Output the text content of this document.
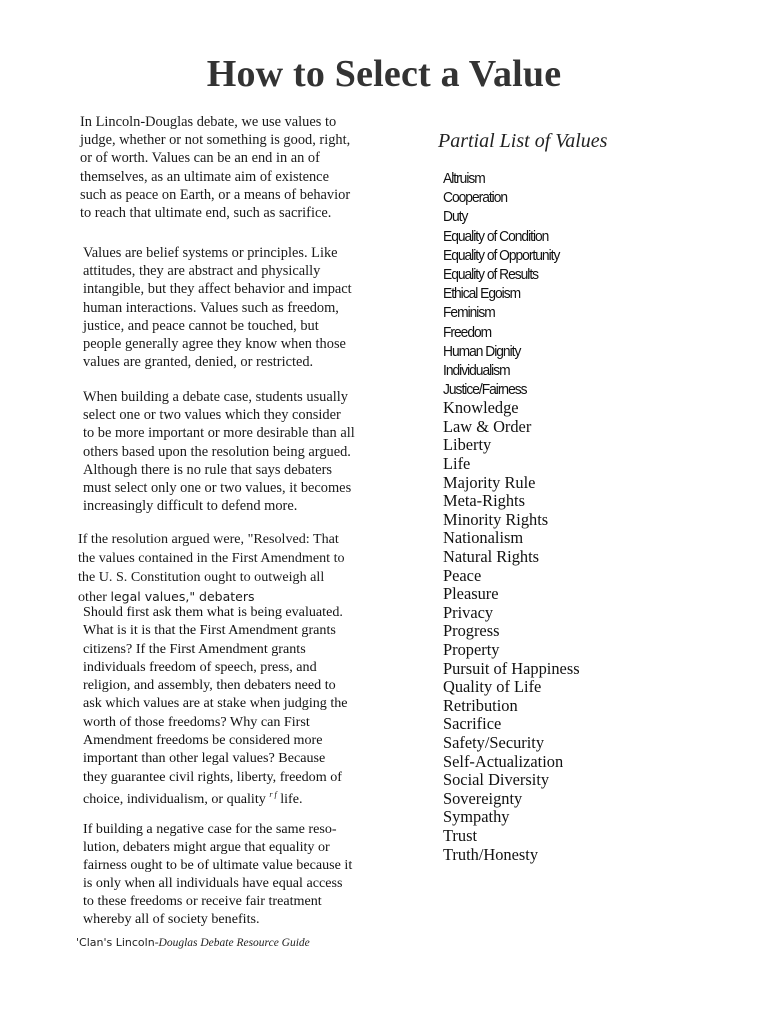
How to Select a Value

In Lincoln-Douglas debate, we use values to
judge, whether or not something is good, right,
or of worth. Values can be an end in an of
themselves, as an ultimate aim of existence
such as peace on Earth, or a means of behavior
to reach that ultimate end, such as sacrifice.

Values are belief systems or principles. Like
attitudes, they are abstract and physically
intangible, but they affect behavior and impact
human interactions. Values such as freedom,
justice, and peace cannot be touched, but
people generally agree they know when those
values are granted, denied, or restricted.

When building a debate case, students usually
select one or two values which they consider
to be more important or more desirable than all
others based upon the resolution being argued.
Although there is no rule that says debaters
must select only one or two values, it becomes
increasingly difficult to defend more.

If the resolution argued were, "Resolved: That
the values contained in the First Amendment to
the U. S. Constitution ought to outweigh all
other legal values," debaters

Should first ask them what is being evaluated.
What is it is that the First Amendment grants
citizens? If the First Amendment grants
individuals freedom of speech, press, and
religion, and assembly, then debaters need to
ask which values are at stake when judging the
worth of those freedoms? Why can First
Amendment freedoms be considered more
important than other legal values? Because
they guarantee civil rights, liberty, freedom of
choice, individualism, or quality $^{r f}$ life.

If building a negative case for the same reso-
lution, debaters might argue that equality or
fairness ought to be of ultimate value because it
is only when all individuals have equal access
to these freedoms or receive fair treatment
whereby all of society benefits.

'Clan's Lincoln-Douglas Debate Resource Guide
Partial List of Values
Altruism
Cooperation
Duty
Equality of Condition
Equality of Opportunity
Equality of Results
Ethical Egoism
Feminism
Freedom
Human Dignity
Individualism
Justice/Fairness
Knowledge
Law & Order
Liberty
Life
Majority Rule
Meta-Rights
Minority Rights
Nationalism
Natural Rights
Peace
Pleasure
Privacy
Progress
Property
Pursuit of Happiness
Quality of Life
Retribution
Sacrifice
Safety/Security
Self-Actualization
Social Diversity
Sovereignty
Sympathy
Trust
Truth/Honesty
